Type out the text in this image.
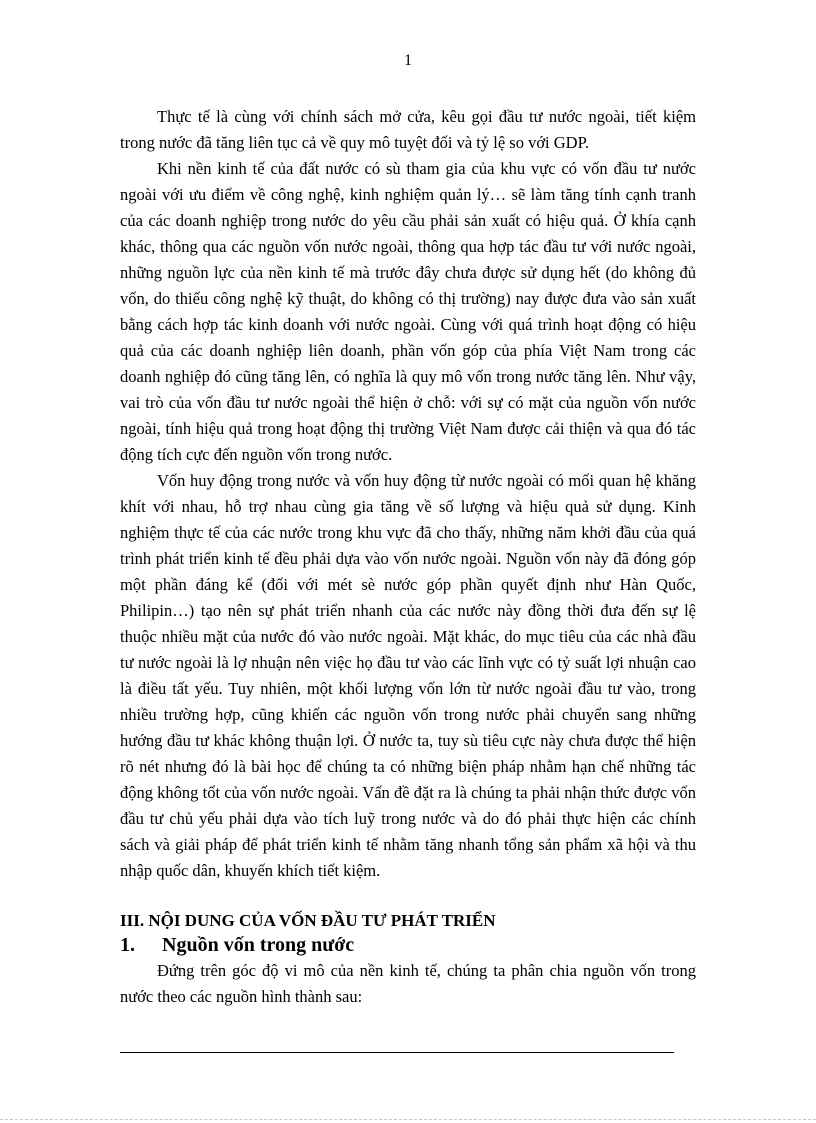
1

Thực tế là cùng với chính sách mở cửa, kêu gọi đầu tư nước ngoài, tiết kiệm trong nước đã tăng liên tục cả về quy mô tuyệt đối và tỷ lệ so với GDP.

Khi nền kinh tế của đất nước có sù tham gia của khu vực có vốn đầu tư nước ngoài với ưu điểm về công nghệ, kinh nghiệm quản lý… sẽ làm tăng tính cạnh tranh của các doanh nghiệp trong nước do yêu cầu phải sản xuất có hiệu quả. Ở khía cạnh khác, thông qua các nguồn vốn nước ngoài, thông qua hợp tác đầu tư với nước ngoài, những nguồn lực của nền kinh tế mà trước đây chưa được sử dụng hết (do không đủ vốn, do thiếu công nghệ kỹ thuật, do không có thị trường) nay được đưa vào sản xuất bằng cách hợp tác kinh doanh với nước ngoài. Cùng với quá trình hoạt động có hiệu quả của các doanh nghiệp liên doanh, phần vốn góp của phía Việt Nam trong các doanh nghiệp đó cũng tăng lên, có nghĩa là quy mô vốn trong nước tăng lên. Như vậy, vai trò của vốn đầu tư nước ngoài thể hiện ở chỗ: với sự có mặt của nguồn vốn nước ngoài, tính hiệu quả trong hoạt động thị trường Việt Nam được cải thiện và qua đó tác động tích cực đến nguồn vốn trong nước.

Vốn huy động trong nước và vốn huy động từ nước ngoài có mối quan hệ khăng khít với nhau, hỗ trợ nhau cùng gia tăng về số lượng và hiệu quả sử dụng. Kinh nghiệm thực tế của các nước trong khu vực đã cho thấy, những năm khởi đầu của quá trình phát triển kinh tế đều phải dựa vào vốn nước ngoài. Nguồn vốn này đã đóng góp một phần đáng kể (đối với mét sè nước góp phần quyết định như Hàn Quốc, Philipin…) tạo nên sự phát triển nhanh của các nước này đồng thời đưa đến sự lệ thuộc nhiều mặt của nước đó vào nước ngoài. Mặt khác, do mục tiêu của các nhà đầu tư nước ngoài là lợ nhuận nên việc họ đầu tư vào các lĩnh vực có tỷ suất lợi nhuận cao là điều tất yếu. Tuy nhiên, một khối lượng vốn lớn từ nước ngoài đầu tư vào, trong nhiều trường hợp, cũng khiến các nguồn vốn trong nước phải chuyển sang những hướng đầu tư khác không thuận lợi. Ở nước ta, tuy sù tiêu cực này chưa được thể hiện rõ nét nhưng đó là bài học để chúng ta có những biện pháp nhằm hạn chế những tác động không tốt của vốn nước ngoài. Vấn đề đặt ra là chúng ta phải nhận thức được vốn đầu tư chủ yếu phải dựa vào tích luỹ trong nước và do đó phải thực hiện các chính sách và giải pháp để phát triển kinh tế nhằm tăng nhanh tổng sản phẩm xã hội và thu nhập quốc dân, khuyến khích tiết kiệm.

III. NỘI DUNG CỦA VỐN ĐẦU TƯ PHÁT TRIỂN
1.	Nguồn vốn trong nước

Đứng trên góc độ vi mô của nền kinh tế, chúng ta phân chia nguồn vốn trong nước theo các nguồn hình thành sau:
